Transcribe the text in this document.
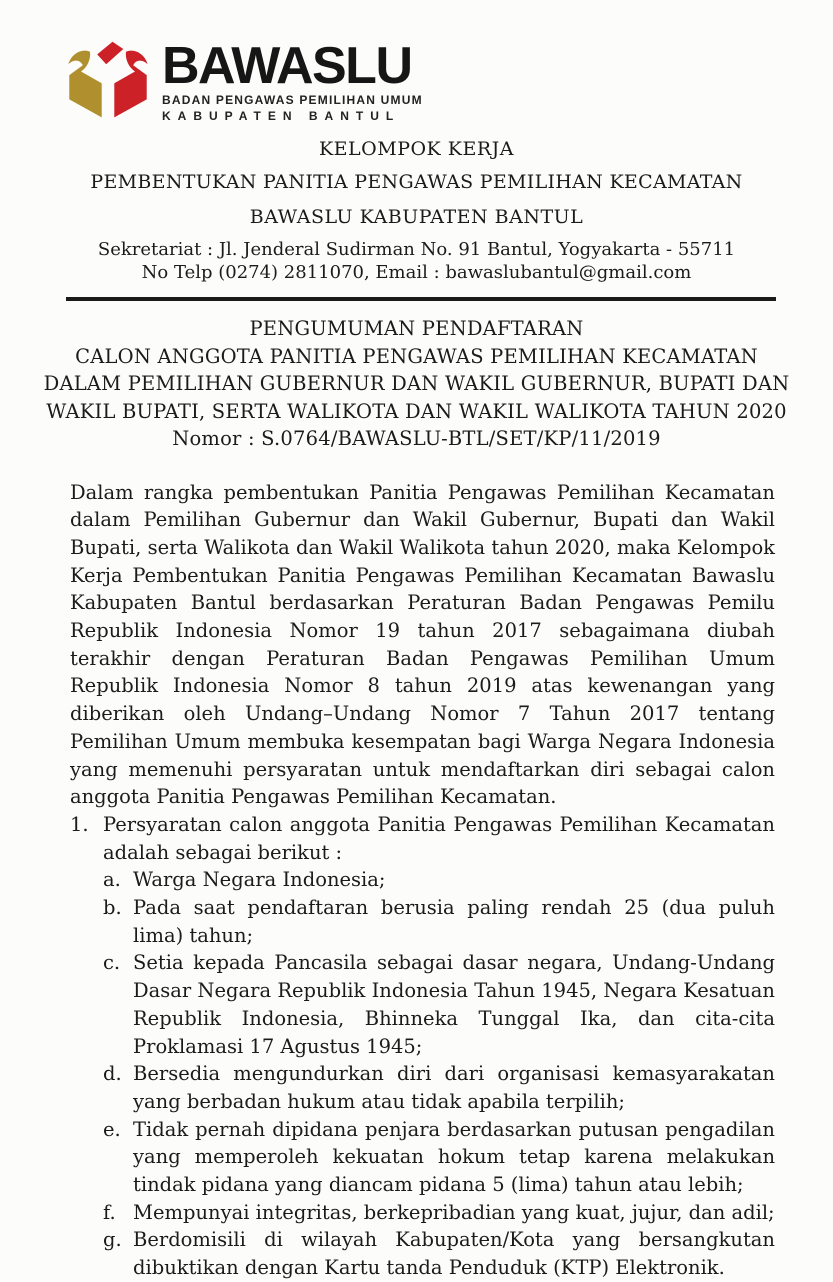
BAWASLU
BADAN PENGAWAS PEMILIHAN UMUM
KABUPATEN BANTUL
KELOMPOK KERJA
PEMBENTUKAN PANITIA PENGAWAS PEMILIHAN KECAMATAN
BAWASLU KABUPATEN BANTUL
Sekretariat : Jl. Jenderal Sudirman No. 91 Bantul, Yogyakarta - 55711
No Telp (0274) 2811070, Email : bawaslubantul@gmail.com
PENGUMUMAN PENDAFTARAN
CALON ANGGOTA PANITIA PENGAWAS PEMILIHAN KECAMATAN
DALAM PEMILIHAN GUBERNUR DAN WAKIL GUBERNUR, BUPATI DAN
WAKIL BUPATI, SERTA WALIKOTA DAN WAKIL WALIKOTA TAHUN 2020
Nomor : S.0764/BAWASLU-BTL/SET/KP/11/2019

Dalam rangka pembentukan Panitia Pengawas Pemilihan Kecamatan dalam Pemilihan Gubernur dan Wakil Gubernur, Bupati dan Wakil Bupati, serta Walikota dan Wakil Walikota tahun 2020, maka Kelompok Kerja Pembentukan Panitia Pengawas Pemilihan Kecamatan Bawaslu Kabupaten Bantul berdasarkan Peraturan Badan Pengawas Pemilu Republik Indonesia Nomor 19 tahun 2017 sebagaimana diubah terakhir dengan Peraturan Badan Pengawas Pemilihan Umum Republik Indonesia Nomor 8 tahun 2019 atas kewenangan yang diberikan oleh Undang–Undang Nomor 7 Tahun 2017 tentang Pemilihan Umum membuka kesempatan bagi Warga Negara Indonesia yang memenuhi persyaratan untuk mendaftarkan diri sebagai calon anggota Panitia Pengawas Pemilihan Kecamatan.

1. Persyaratan calon anggota Panitia Pengawas Pemilihan Kecamatan adalah sebagai berikut :
a. Warga Negara Indonesia;
b. Pada saat pendaftaran berusia paling rendah 25 (dua puluh lima) tahun;
c. Setia kepada Pancasila sebagai dasar negara, Undang-Undang Dasar Negara Republik Indonesia Tahun 1945, Negara Kesatuan Republik Indonesia, Bhinneka Tunggal Ika, dan cita-cita Proklamasi 17 Agustus 1945;
d. Bersedia mengundurkan diri dari organisasi kemasyarakatan yang berbadan hukum atau tidak apabila terpilih;
e. Tidak pernah dipidana penjara berdasarkan putusan pengadilan yang memperoleh kekuatan hokum tetap karena melakukan tindak pidana yang diancam pidana 5 (lima) tahun atau lebih;
f. Mempunyai integritas, berkepribadian yang kuat, jujur, dan adil;
g. Berdomisili di wilayah Kabupaten/Kota yang bersangkutan dibuktikan dengan Kartu tanda Penduduk (KTP) Elektronik.
